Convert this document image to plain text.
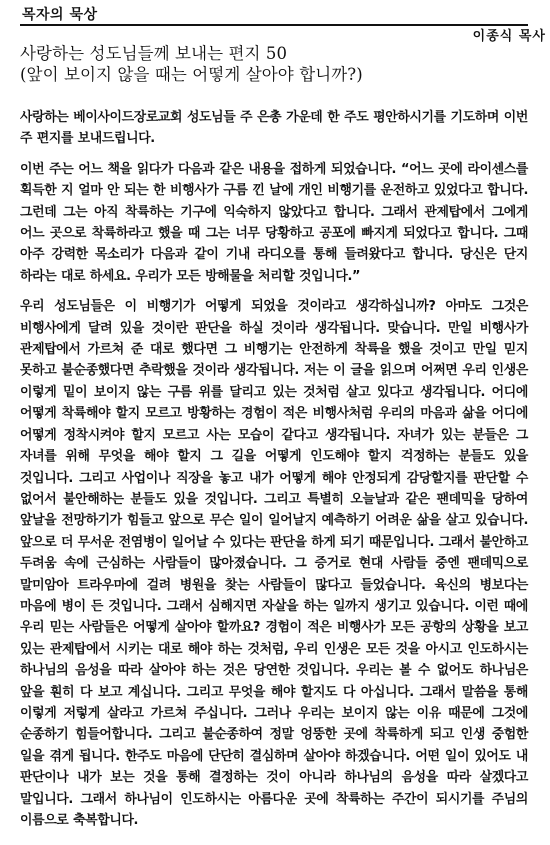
목자의 묵상
이종식 목사
사랑하는 성도님들께 보내는 편지 50
(앞이 보이지 않을 때는 어떻게 살아야 합니까?)

사랑하는 베이사이드장로교회 성도님들 주 은총 가운데 한 주도 평안하시기를 기도하며 이번 주 편지를 보내드립니다.

이번 주는 어느 책을 읽다가 다음과 같은 내용을 접하게 되었습니다. “어느 곳에 라이센스를 획득한 지 얼마 안 되는 한 비행사가 구름 낀 날에 개인 비행기를 운전하고 있었다고 합니다. 그런데 그는 아직 착륙하는 기구에 익숙하지 않았다고 합니다. 그래서 관제탑에서 그에게 어느 곳으로 착륙하라고 했을 때 그는 너무 당황하고 공포에 빠지게 되었다고 합니다. 그때 아주 강력한 목소리가 다음과 같이 기내 라디오를 통해 들려왔다고 합니다. 당신은 단지 하라는 대로 하세요. 우리가 모든 방해물을 처리할 것입니다.”

우리 성도님들은 이 비행기가 어떻게 되었을 것이라고 생각하십니까? 아마도 그것은 비행사에게 달려 있을 것이란 판단을 하실 것이라 생각됩니다. 맞습니다. 만일 비행사가 관제탑에서 가르쳐 준 대로 했다면 그 비행기는 안전하게 착륙을 했을 것이고 만일 믿지 못하고 불순종했다면 추락했을 것이라 생각됩니다. 저는 이 글을 읽으며 어쩌면 우리 인생은 이렇게 밑이 보이지 않는 구름 위를 달리고 있는 것처럼 살고 있다고 생각됩니다. 어디에 어떻게 착륙해야 할지 모르고 방황하는 경험이 적은 비행사처럼 우리의 마음과 삶을 어디에 어떻게 정착시켜야 할지 모르고 사는 모습이 같다고 생각됩니다. 자녀가 있는 분들은 그 자녀를 위해 무엇을 해야 할지 그 길을 어떻게 인도해야 할지 걱정하는 분들도 있을 것입니다. 그리고 사업이나 직장을 놓고 내가 어떻게 해야 안정되게 감당할지를 판단할 수 없어서 불안해하는 분들도 있을 것입니다. 그리고 특별히 오늘날과 같은 팬데믹을 당하여 앞날을 전망하기가 힘들고 앞으로 무슨 일이 일어날지 예측하기 어려운 삶을 살고 있습니다. 앞으로 더 무서운 전염병이 일어날 수 있다는 판단을 하게 되기 때문입니다. 그래서 불안하고 두려움 속에 근심하는 사람들이 많아졌습니다. 그 증거로 현대 사람들 중엔 팬데믹으로 말미암아 트라우마에 걸려 병원을 찾는 사람들이 많다고 들었습니다. 육신의 병보다는 마음에 병이 든 것입니다. 그래서 심해지면 자살을 하는 일까지 생기고 있습니다. 이런 때에 우리 믿는 사람들은 어떻게 살아야 할까요? 경험이 적은 비행사가 모든 공항의 상황을 보고 있는 관제탑에서 시키는 대로 해야 하는 것처럼, 우리 인생은 모든 것을 아시고 인도하시는 하나님의 음성을 따라 살아야 하는 것은 당연한 것입니다. 우리는 볼 수 없어도 하나님은 앞을 훤히 다 보고 계십니다. 그리고 무엇을 해야 할지도 다 아십니다. 그래서 말씀을 통해 이렇게 저렇게 살라고 가르쳐 주십니다. 그러나 우리는 보이지 않는 이유 때문에 그것에 순종하기 힘들어합니다. 그리고 불순종하여 정말 엉뚱한 곳에 착륙하게 되고 인생 중험한 일을 겪게 됩니다. 한주도 마음에 단단히 결심하며 살아야 하겠습니다. 어떤 일이 있어도 내 판단이나 내가 보는 것을 통해 결정하는 것이 아니라 하나님의 음성을 따라 살겠다고 말입니다. 그래서 하나님이 인도하시는 아름다운 곳에 착륙하는 주간이 되시기를 주님의 이름으로 축복합니다.
